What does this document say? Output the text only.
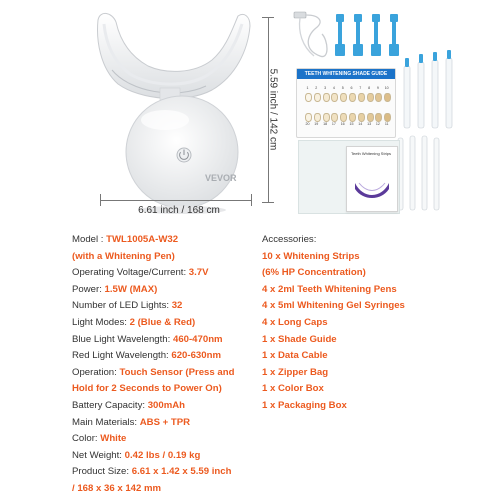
VEVOR
5.59 inch / 142 cm
6.61 inch / 168 cm
TEETH WHITENING SHADE GUIDE
1	2	3	4	5	6	7	8	9	10
20	19	18	17	16	15	14	13	12	11
Teeth Whitening Strips
Model : TWL1005A-W32
(with a Whitening Pen)
Operating Voltage/Current: 3.7V
Power: 1.5W (MAX)
Number of LED Lights: 32
Light Modes: 2 (Blue & Red)
Blue Light Wavelength: 460-470nm
Red Light Wavelength: 620-630nm
Operation: Touch Sensor (Press and
Hold for 2 Seconds to Power On)
Battery Capacity: 300mAh
Main Materials: ABS + TPR
Color: White
Net Weight: 0.42 lbs / 0.19 kg
Product Size: 6.61 x 1.42 x 5.59 inch
/ 168 x 36 x 142 mm
Accessories:
10 x Whitening Strips
(6% HP Concentration)
4 x 2ml Teeth Whitening Pens
4 x 5ml Whitening Gel Syringes
4 x Long Caps
1 x Shade Guide
1 x Data Cable
1 x Zipper Bag
1 x Color Box
1 x Packaging Box
